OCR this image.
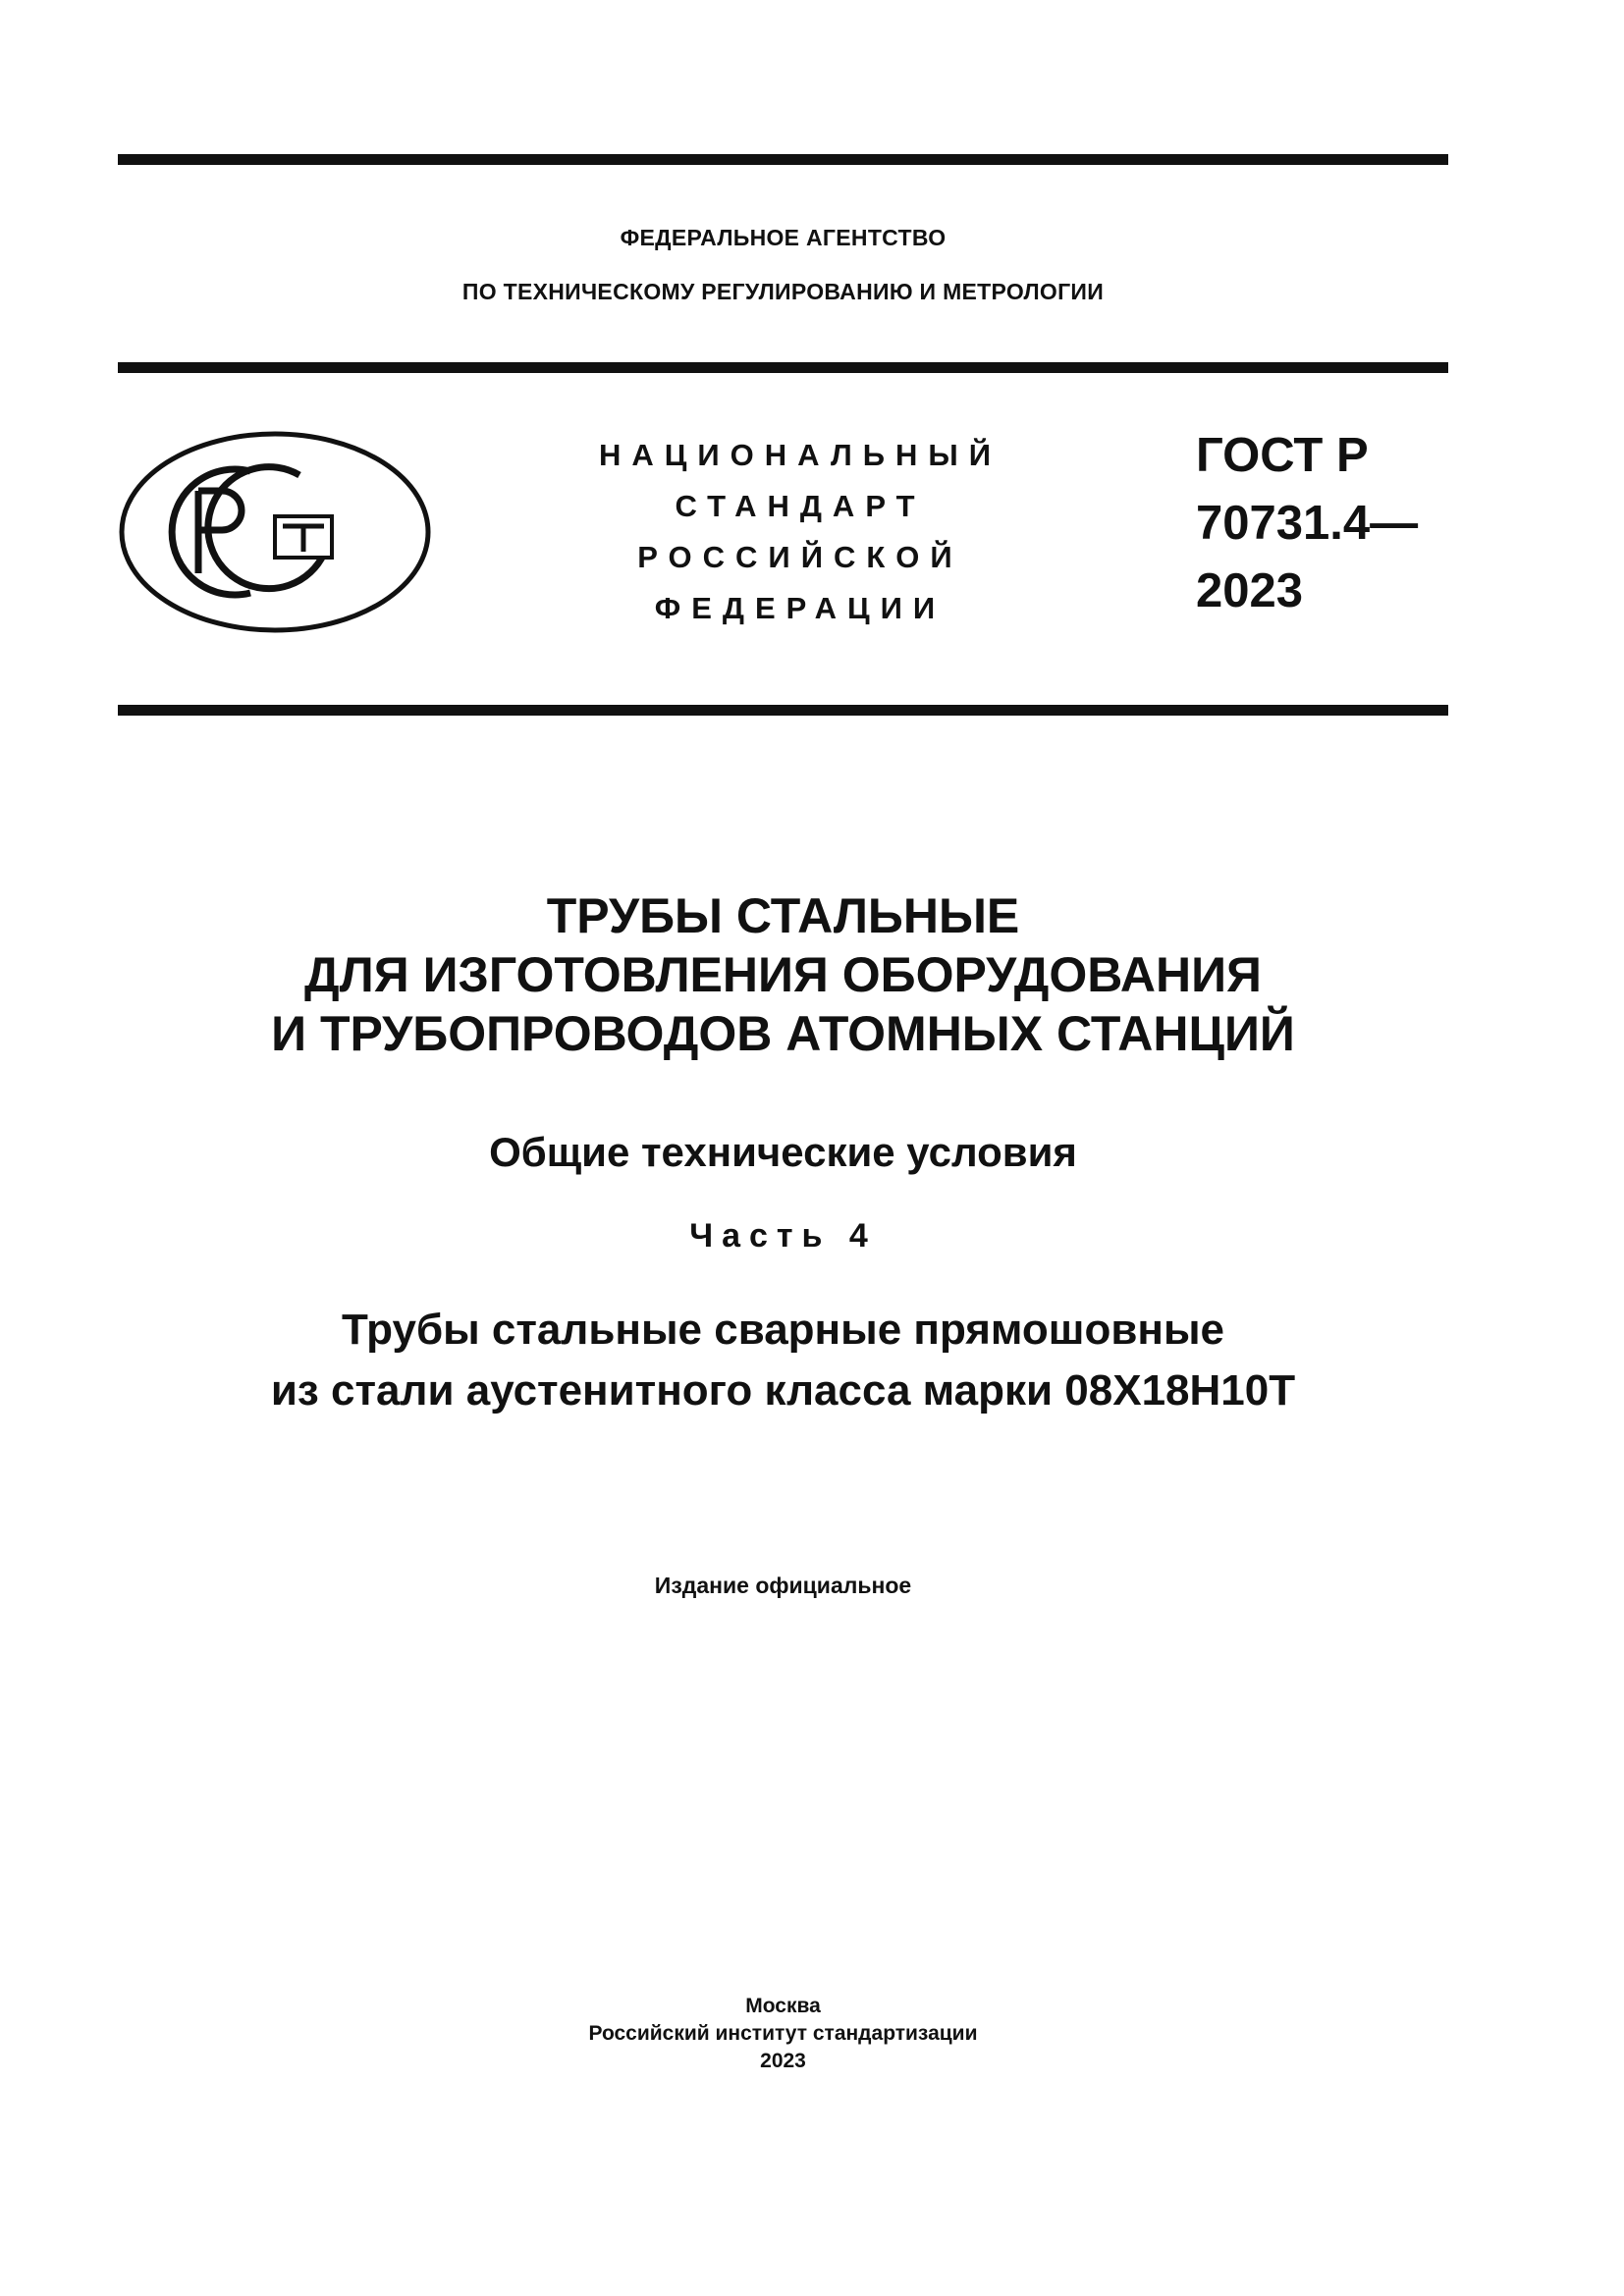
ФЕДЕРАЛЬНОЕ АГЕНТСТВО
ПО ТЕХНИЧЕСКОМУ РЕГУЛИРОВАНИЮ И МЕТРОЛОГИИ
НАЦИОНАЛЬНЫЙ
СТАНДАРТ
РОССИЙСКОЙ
ФЕДЕРАЦИИ
ГОСТ Р
70731.4—
2023
ТРУБЫ СТАЛЬНЫЕ
ДЛЯ ИЗГОТОВЛЕНИЯ ОБОРУДОВАНИЯ
И ТРУБОПРОВОДОВ АТОМНЫХ СТАНЦИЙ
Общие технические условия
Часть 4
Трубы стальные сварные прямошовные
из стали аустенитного класса марки 08Х18Н10Т
Издание официальное
Москва
Российский институт стандартизации
2023
